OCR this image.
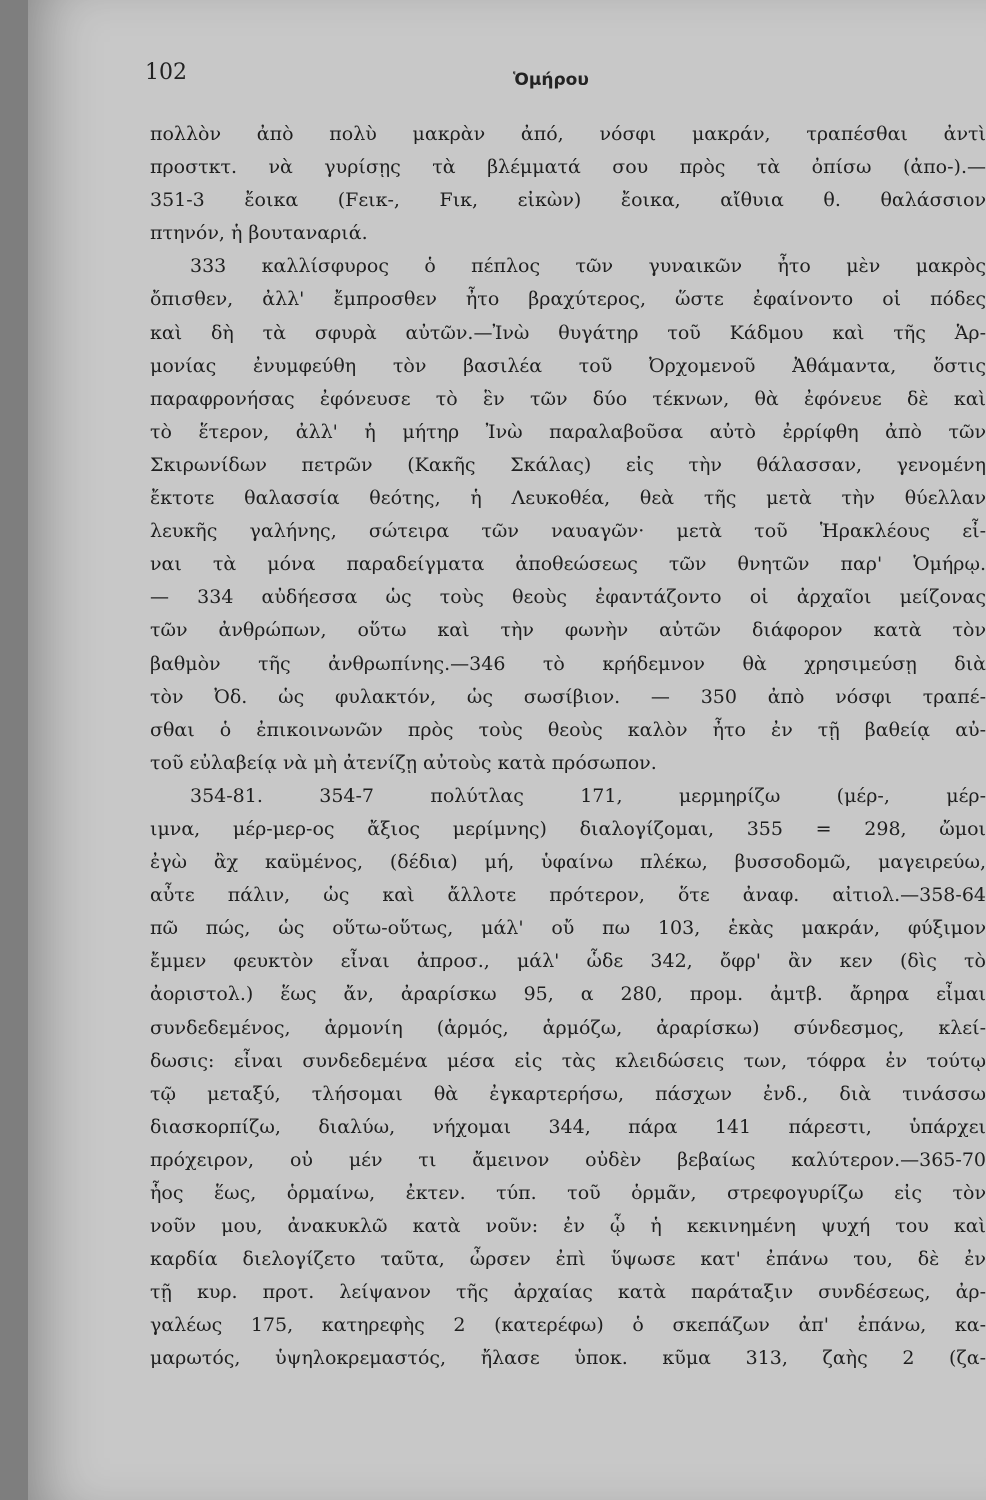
102	Ὁμήρου
πολλὸν ἀπὸ πολὺ μακρὰν ἀπό, νόσφι μακράν, τραπέσθαι ἀντὶ
προστκτ. νὰ γυρίσῃς τὰ βλέμματά σου πρὸς τὰ ὀπίσω (ἀπο-).—
351-3 ἔοικα (Fεικ-, Fικ, εἰκὼν) ἔοικα, αἴθυια θ. θαλάσσιον
πτηνόν, ἡ βουταναριά.
333 καλλίσφυρος ὁ πέπλος τῶν γυναικῶν ἦτο μὲν μακρὸς
ὄπισθεν, ἀλλ' ἔμπροσθεν ἦτο βραχύτερος, ὥστε ἐφαίνοντο οἱ πόδες
καὶ δὴ τὰ σφυρὰ αὐτῶν.—Ἰνὼ θυγάτηρ τοῦ Κάδμου καὶ τῆς Ἁρ-
μονίας ἐνυμφεύθη τὸν βασιλέα τοῦ Ὀρχομενοῦ Ἀθάμαντα, ὅστις
παραφρονήσας ἐφόνευσε τὸ ἓν τῶν δύο τέκνων, θὰ ἐφόνευε δὲ καὶ
τὸ ἕτερον, ἀλλ' ἡ μήτηρ Ἰνὼ παραλαβοῦσα αὐτὸ ἐρρίφθη ἀπὸ τῶν
Σκιρωνίδων πετρῶν (Κακῆς Σκάλας) εἰς τὴν θάλασσαν, γενομένη
ἔκτοτε θαλασσία θεότης, ἡ Λευκοθέα, θεὰ τῆς μετὰ τὴν θύελλαν
λευκῆς γαλήνης, σώτειρα τῶν ναυαγῶν· μετὰ τοῦ Ἡρακλέους εἶ-
ναι τὰ μόνα παραδείγματα ἀποθεώσεως τῶν θνητῶν παρ' Ὁμήρῳ.
— 334 αὐδήεσσα ὡς τοὺς θεοὺς ἐφαντάζοντο οἱ ἀρχαῖοι μείζονας
τῶν ἀνθρώπων, οὕτω καὶ τὴν φωνὴν αὐτῶν διάφορον κατὰ τὸν
βαθμὸν τῆς ἀνθρωπίνης.—346 τὸ κρήδεμνον θὰ χρησιμεύσῃ διὰ
τὸν Ὀδ. ὡς φυλακτόν, ὡς σωσίβιον. — 350 ἀπὸ νόσφι τραπέ-
σθαι ὁ ἐπικοινωνῶν πρὸς τοὺς θεοὺς καλὸν ἦτο ἐν τῇ βαθείᾳ αὐ-
τοῦ εὐλαβείᾳ νὰ μὴ ἀτενίζῃ αὐτοὺς κατὰ πρόσωπον.
354-81. 354-7 πολύτλας 171, μερμηρίζω (μέρ-, μέρ-
ιμνα, μέρ-μερ-ος ἄξιος μερίμνης) διαλογίζομαι, 355 = 298, ὤμοι
ἐγὼ ἂχ καϋμένος, (δέδια) μή, ὑφαίνω πλέκω, βυσσοδομῶ, μαγειρεύω,
αὖτε πάλιν, ὡς καὶ ἄλλοτε πρότερον, ὅτε ἀναφ. αἰτιολ.—358-64
πῶ πώς, ὡς οὕτω-οὕτως, μάλ' οὔ πω 103, ἑκὰς μακράν, φύξιμον
ἔμμεν φευκτὸν εἶναι ἀπροσ., μάλ' ὧδε 342, ὄφρ' ἂν κεν (δὶς τὸ
ἀοριστολ.) ἕως ἄν, ἀραρίσκω 95, α 280, προμ. ἀμτβ. ἄρηρα εἶμαι
συνδεδεμένος, ἁρμονίη (ἁρμός, ἁρμόζω, ἀραρίσκω) σύνδεσμος, κλεί-
δωσις: εἶναι συνδεδεμένα μέσα εἰς τὰς κλειδώσεις των, τόφρα ἐν τούτῳ
τῷ μεταξύ, τλήσομαι θὰ ἐγκαρτερήσω, πάσχων ἐνδ., διὰ τινάσσω
διασκορπίζω, διαλύω, νήχομαι 344, πάρα 141 πάρεστι, ὑπάρχει
πρόχειρον, οὐ μέν τι ἄμεινον οὐδὲν βεβαίως καλύτερον.—365-70
ἧος ἕως, ὁρμαίνω, ἐκτεν. τύπ. τοῦ ὁρμᾶν, στρεφογυρίζω εἰς τὸν
νοῦν μου, ἀνακυκλῶ κατὰ νοῦν: ἐν ᾧ ἡ κεκινημένη ψυχή του καὶ
καρδία διελογίζετο ταῦτα, ὦρσεν ἐπὶ ὕψωσε κατ' ἐπάνω του, δὲ ἐν
τῇ κυρ. προτ. λείψανον τῆς ἀρχαίας κατὰ παράταξιν συνδέσεως, ἀρ-
γαλέως 175, κατηρεφὴς 2 (κατερέφω) ὁ σκεπάζων ἀπ' ἐπάνω, κα-
μαρωτός, ὑψηλοκρεμαστός, ἤλασε ὑποκ. κῦμα 313, ζαὴς 2 (ζα-
